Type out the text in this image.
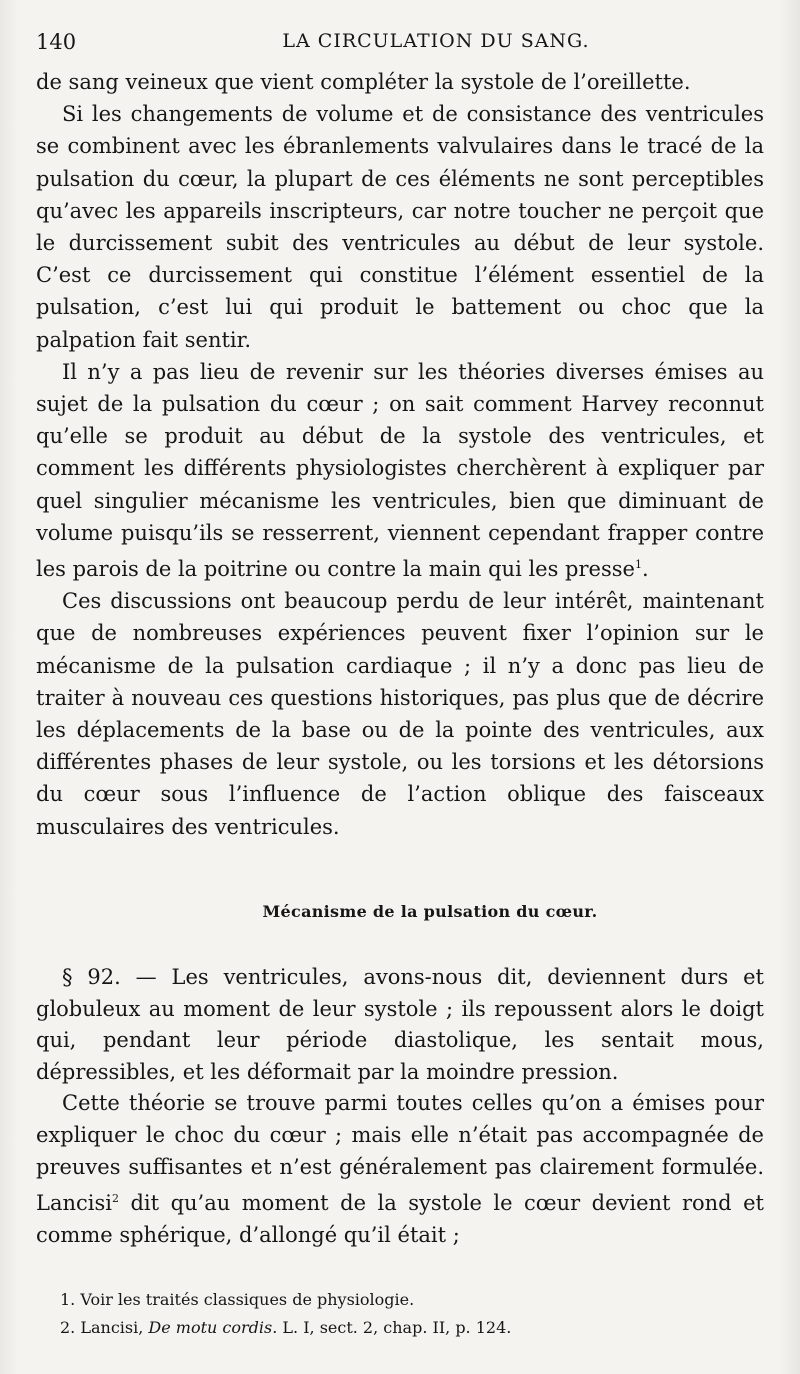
140	LA CIRCULATION DU SANG.

de sang veineux que vient compléter la systole de l’oreillette.

Si les changements de volume et de consistance des ventricules se combinent avec les ébranlements valvulaires dans le tracé de la pulsation du cœur, la plupart de ces éléments ne sont perceptibles qu’avec les appareils inscripteurs, car notre toucher ne perçoit que le durcissement subit des ventricules au début de leur systole. C’est ce durcissement qui constitue l’élément essentiel de la pulsation, c’est lui qui produit le battement ou choc que la palpation fait sentir.

Il n’y a pas lieu de revenir sur les théories diverses émises au sujet de la pulsation du cœur ; on sait comment Harvey reconnut qu’elle se produit au début de la systole des ventricules, et comment les différents physiologistes cherchèrent à expliquer par quel singulier mécanisme les ventricules, bien que diminuant de volume puisqu’ils se resserrent, viennent cependant frapper contre les parois de la poitrine ou contre la main qui les presse$^1$.

Ces discussions ont beaucoup perdu de leur intérêt, maintenant que de nombreuses expériences peuvent fixer l’opinion sur le mécanisme de la pulsation cardiaque ; il n’y a donc pas lieu de traiter à nouveau ces questions historiques, pas plus que de décrire les déplacements de la base ou de la pointe des ventricules, aux différentes phases de leur systole, ou les torsions et les détorsions du cœur sous l’influence de l’action oblique des faisceaux musculaires des ventricules.

Mécanisme de la pulsation du cœur.

§ 92. — Les ventricules, avons-nous dit, deviennent durs et globuleux au moment de leur systole ; ils repoussent alors le doigt qui, pendant leur période diastolique, les sentait mous, dépressibles, et les déformait par la moindre pression.

Cette théorie se trouve parmi toutes celles qu’on a émises pour expliquer le choc du cœur ; mais elle n’était pas accompagnée de preuves suffisantes et n’est généralement pas clairement formulée. Lancisi$^2$ dit qu’au moment de la systole le cœur devient rond et comme sphérique, d’allongé qu’il était ;

1. Voir les traités classiques de physiologie.
2. Lancisi, De motu cordis. L. I, sect. 2, chap. II, p. 124.
